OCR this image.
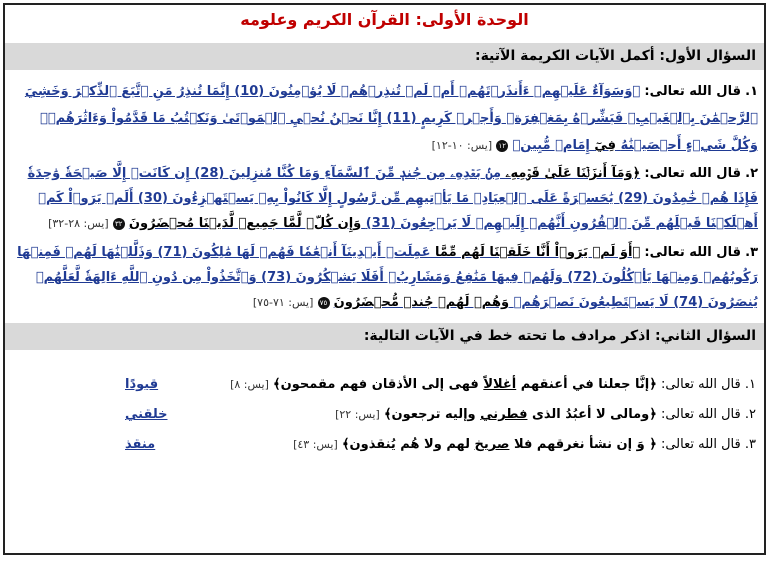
الوحدة الأولى: القرآن الكريم وعلومه
السؤال الأول: أكمل الآيات الكريمة الآتية:
١. قال الله تعالى: ﴿وَسَوَآءٌ عَلَيۡهِمۡ ءَأَنذَرۡتَهُمۡ أَمۡ لَمۡ تُنذِرۡهُمۡ لَا يُؤۡمِنُونَ (10) إِنَّمَا تُنذِرُ مَنِ ٱتَّبَعَ ٱلذِّكۡرَ وَخَشِيَ ٱلرَّحۡمَٰنَ بِٱلۡغَيۡبِۖ فَبَشِّرۡهُ بِمَغۡفِرَةٖ وَأَجۡرٖ كَرِيمٍ (11) إِنَّا نَحۡنُ نُحۡيِ ٱلۡمَوۡتَىٰ وَنَكۡتُبُ مَا قَدَّمُواْ وَءَاثَٰرَهُمۡۚ وَكُلَّ شَيۡءٍ أَحۡصَيۡنَٰهُ فِيٓ إِمَامٖ مُّبِينٖ ١٢ [يس: ١٠-١٢]
٢. قال الله تعالى: ﴿وَمَآ أَنزَلۡنَا عَلَىٰ قَوۡمِهِۦ مِنۢ بَعۡدِهِۦ مِن جُندٖ مِّنَ ٱلسَّمَآءِ وَمَا كُنَّا مُنزِلِينَ (28) إِن كَانَتۡ إِلَّا صَيۡحَةٗ وَٰحِدَةٗ فَإِذَا هُمۡ خَٰمِدُونَ (29) يَٰحَسۡرَةً عَلَى ٱلۡعِبَادِۚ مَا يَأۡتِيهِم مِّن رَّسُولٍ إِلَّا كَانُواْ بِهِۦ يَسۡتَهۡزِءُونَ (30) أَلَمۡ يَرَوۡاْ كَمۡ أَهۡلَكۡنَا قَبۡلَهُم مِّنَ ٱلۡقُرُونِ أَنَّهُمۡ إِلَيۡهِمۡ لَا يَرۡجِعُونَ (31) وَإِن كُلّٞ لَّمَّا جَمِيعٞ لَّدَيۡنَا مُحۡضَرُونَ ٣٢ [يس: ٢٨-٣٢]
٣. قال الله تعالى: ﴿أَوَ لَمۡ يَرَوۡاْ أَنَّا خَلَقۡنَا لَهُم مِّمَّا عَمِلَتۡ أَيۡدِينَآ أَنۡعَٰمٗا فَهُمۡ لَهَا مَٰلِكُونَ (71) وَذَلَّلۡنَٰهَا لَهُمۡ فَمِنۡهَا رَكُوبُهُمۡ وَمِنۡهَا يَأۡكُلُونَ (72) وَلَهُمۡ فِيهَا مَنَٰفِعُ وَمَشَارِبُۚ أَفَلَا يَشۡكُرُونَ (73) وَٱتَّخَذُواْ مِن دُونِ ٱللَّهِ ءَالِهَةٗ لَّعَلَّهُمۡ يُنصَرُونَ (74) لَا يَسۡتَطِيعُونَ نَصۡرَهُمۡ وَهُمۡ لَهُمۡ جُندٞ مُّحۡضَرُونَ ٧٥ [يس: ٧١-٧٥]
السؤال الثاني: اذكر مرادف ما تحته خط في الآيات التالية:
١. قال الله تعالى: ﴿إنَّا جعلنا في أعنقهم أغلالاً فهى إلى الأذقان فهم مقمحون﴾ [يس: ٨]
قيودًا
٢. قال الله تعالى: ﴿ومالى لا أعبُدُ الذى فطرني وإليه ترجعون﴾ [يس: ٢٢]
خلقني
٣. قال الله تعالى: ﴿ وَ إن نشأ نغرقهم فلا صريخ لهم ولا هُم يُنقذون﴾ [يس: ٤٣]
منقذ
